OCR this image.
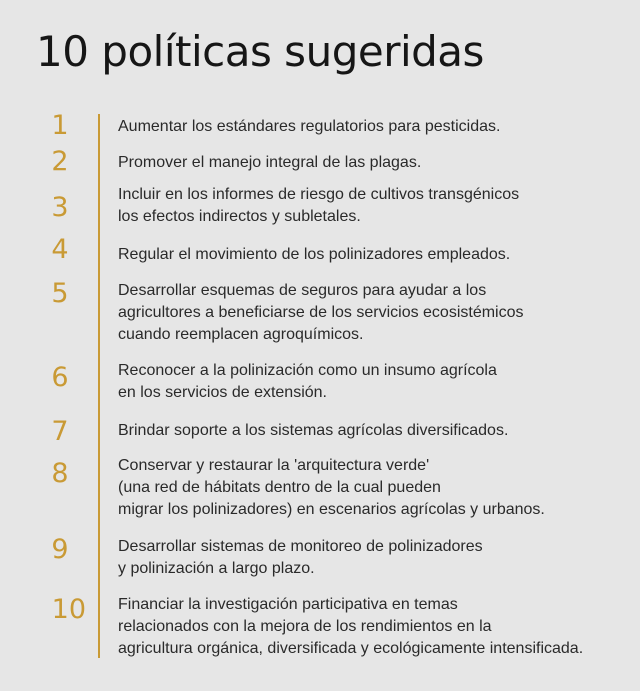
10 políticas sugeridas
1	Aumentar los estándares regulatorios para pesticidas.

2	Promover el manejo integral de las plagas.

3	Incluir en los informes de riesgo de cultivos transgénicos
los efectos indirectos y subletales.

4	Regular el movimiento de los polinizadores empleados.

5	Desarrollar esquemas de seguros para ayudar a los
agricultores a beneficiarse de los servicios ecosistémicos
cuando reemplacen agroquímicos.

6	Reconocer a la polinización como un insumo agrícola
en los servicios de extensión.

7	Brindar soporte a los sistemas agrícolas diversificados.

8	Conservar y restaurar la 'arquitectura verde'
(una red de hábitats dentro de la cual pueden
migrar los polinizadores) en escenarios agrícolas y urbanos.

9	Desarrollar sistemas de monitoreo de polinizadores
y polinización a largo plazo.

10 Financiar la investigación participativa en temas
relacionados con la mejora de los rendimientos en la
agricultura orgánica, diversificada y ecológicamente intensificada.
